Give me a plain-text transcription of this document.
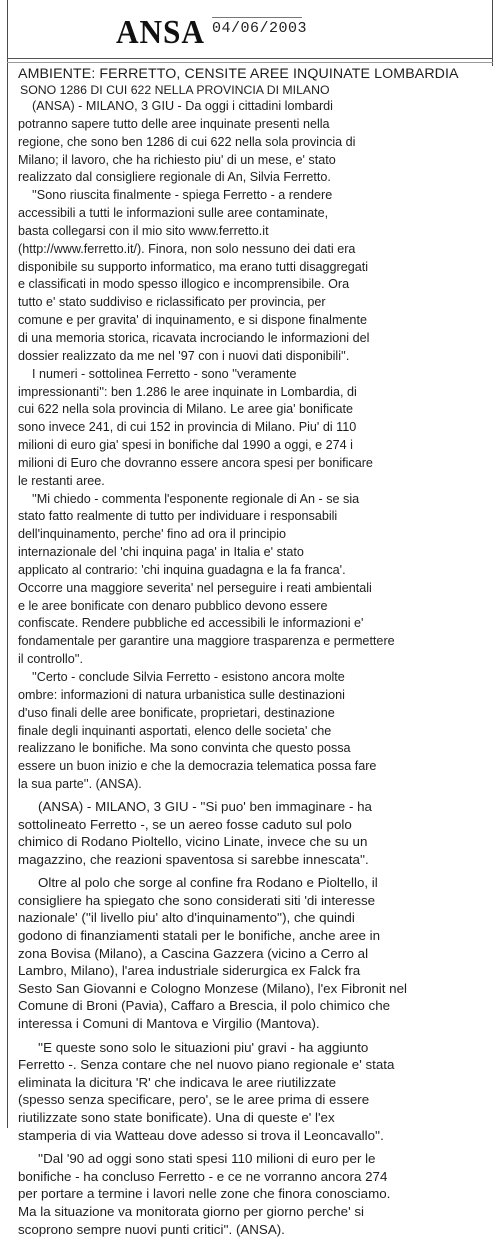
ANSA 04/06/2003
AMBIENTE: FERRETTO, CENSITE AREE INQUINATE LOMBARDIA
SONO 1286 DI CUI 622 NELLA PROVINCIA DI MILANO
(ANSA) - MILANO, 3 GIU - Da oggi i cittadini lombardi
potranno sapere tutto delle aree inquinate presenti nella
regione, che sono ben 1286 di cui 622 nella sola provincia di
Milano; il lavoro, che ha richiesto piu' di un mese, e' stato
realizzato dal consigliere regionale di An, Silvia Ferretto.
''Sono riuscita finalmente - spiega Ferretto - a rendere
accessibili a tutti le informazioni sulle aree contaminate,
basta collegarsi con il mio sito www.ferretto.it
(http://www.ferretto.it/). Finora, non solo nessuno dei dati era
disponibile su supporto informatico, ma erano tutti disaggregati
e classificati in modo spesso illogico e incomprensibile. Ora
tutto e' stato suddiviso e riclassificato per provincia, per
comune e per gravita' di inquinamento, e si dispone finalmente
di una memoria storica, ricavata incrociando le informazioni del
dossier realizzato da me nel '97 con i nuovi dati disponibili''.
I numeri - sottolinea Ferretto - sono ''veramente
impressionanti'': ben 1.286 le aree inquinate in Lombardia, di
cui 622 nella sola provincia di Milano. Le aree gia' bonificate
sono invece 241, di cui 152 in provincia di Milano. Piu' di 110
milioni di euro gia' spesi in bonifiche dal 1990 a oggi, e 274 i
milioni di Euro che dovranno essere ancora spesi per bonificare
le restanti aree.
''Mi chiedo - commenta l'esponente regionale di An - se sia
stato fatto realmente di tutto per individuare i responsabili
dell'inquinamento, perche' fino ad ora il principio
internazionale del 'chi inquina paga' in Italia e' stato
applicato al contrario: 'chi inquina guadagna e la fa franca'.
Occorre una maggiore severita' nel perseguire i reati ambientali
e le aree bonificate con denaro pubblico devono essere
confiscate. Rendere pubbliche ed accessibili le informazioni e'
fondamentale per garantire una maggiore trasparenza e permettere
il controllo''.
''Certo - conclude Silvia Ferretto - esistono ancora molte
ombre: informazioni di natura urbanistica sulle destinazioni
d'uso finali delle aree bonificate, proprietari, destinazione
finale degli inquinanti asportati, elenco delle societa' che
realizzano le bonifiche. Ma sono convinta che questo possa
essere un buon inizio e che la democrazia telematica possa fare
la sua parte''. (ANSA).
(ANSA) - MILANO, 3 GIU - ''Si puo' ben immaginare - ha
sottolineato Ferretto -, se un aereo fosse caduto sul polo
chimico di Rodano Pioltello, vicino Linate, invece che su un
magazzino, che reazioni spaventosa si sarebbe innescata''.
Oltre al polo che sorge al confine fra Rodano e Pioltello, il
consigliere ha spiegato che sono considerati siti 'di interesse
nazionale' (''il livello piu' alto d'inquinamento''), che quindi
godono di finanziamenti statali per le bonifiche, anche aree in
zona Bovisa (Milano), a Cascina Gazzera (vicino a Cerro al
Lambro, Milano), l'area industriale siderurgica ex Falck fra
Sesto San Giovanni e Cologno Monzese (Milano), l'ex Fibronit nel
Comune di Broni (Pavia), Caffaro a Brescia, il polo chimico che
interessa i Comuni di Mantova e Virgilio (Mantova).
''E queste sono solo le situazioni piu' gravi - ha aggiunto
Ferretto -. Senza contare che nel nuovo piano regionale e' stata
eliminata la dicitura 'R' che indicava le aree riutilizzate
(spesso senza specificare, pero', se le aree prima di essere
riutilizzate sono state bonificate). Una di queste e' l'ex
stamperia di via Watteau dove adesso si trova il Leoncavallo''.
''Dal '90 ad oggi sono stati spesi 110 milioni di euro per le
bonifiche - ha concluso Ferretto - e ce ne vorranno ancora 274
per portare a termine i lavori nelle zone che finora conosciamo.
Ma la situazione va monitorata giorno per giorno perche' si
scoprono sempre nuovi punti critici''. (ANSA).
